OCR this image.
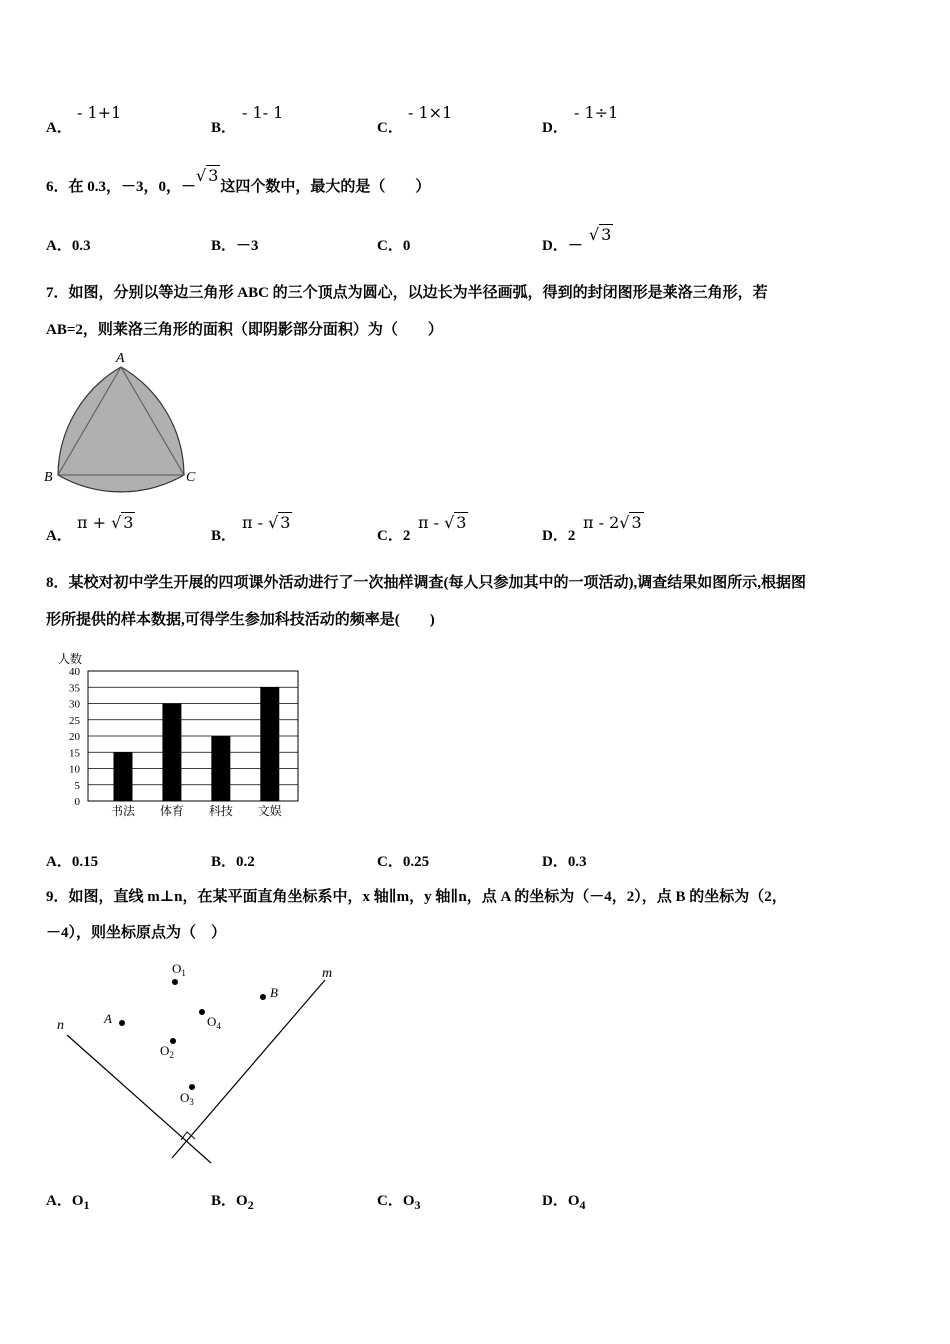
A．
- 1+1
B．
- 1- 1
C．
- 1×1
D．
- 1÷1
6．在 0.3，－3，0，－√ 3这四个数中，最大的是（　　）
A．0.3	B．－3	C．0	D．－√ 3
7．如图，分别以等边三角形 ABC 的三个顶点为圆心，以边长为半径画弧，得到的封闭图形是莱洛三角形，若
AB=2，则莱洛三角形的面积（即阴影部分面积）为（　　）
A
B	C
A．
π + √ 3
B．
π - √ 3
C．2
π - √ 3
D．2
π - 2√ 3
8．某校对初中学生开展的四项课外活动进行了一次抽样调查(每人只参加其中的一项活动),调查结果如图所示,根据图
形所提供的样本数据,可得学生参加科技活动的频率是(　　)
人数
0
5
10
15
20
25
30
35
40
书法 体育 科技 文娱
A．0.15	B．0.2	C．0.25	D．0.3
9．如图，直线 m⊥n，在某平面直角坐标系中，x 轴∥m，y 轴∥n，点 A 的坐标为（－4，2），点 B 的坐标为（2，
－4），则坐标原点为（　）
n
m
A
B
$O_1$
$O_2$
$O_3$
$O_4$
A．$O_1$	B．$O_2$	C．$O_3$	D．$O_4$
